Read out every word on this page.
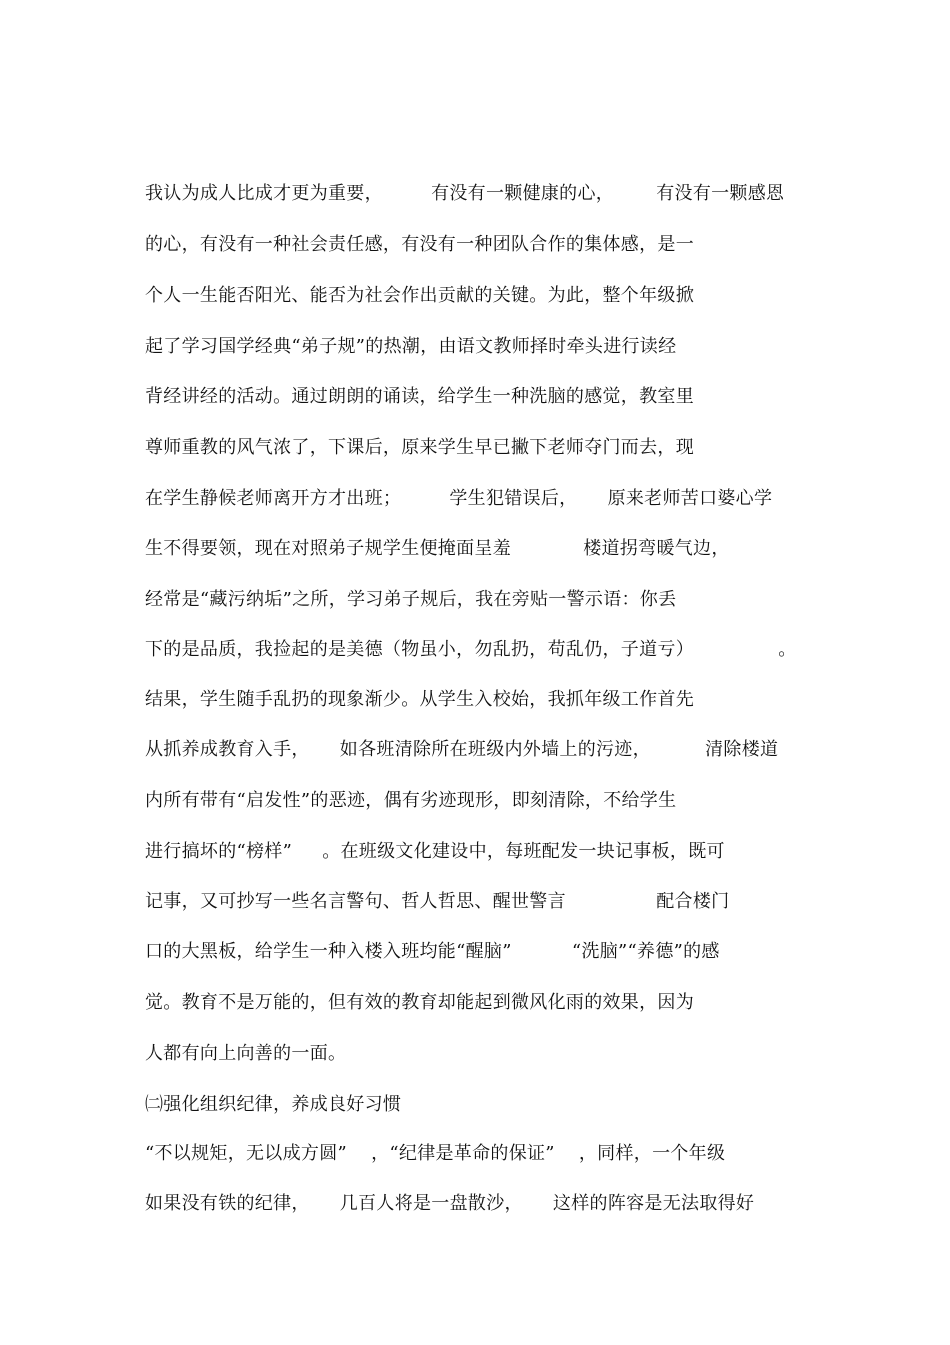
我认为成人比成才更为重要，        有没有一颗健康的心，       有没有一颗感恩
的心，有没有一种社会责任感，有没有一种团队合作的集体感，是一
个人一生能否阳光、能否为社会作出贡献的关键。为此，整个年级掀
起了学习国学经典“弟子规”的热潮，由语文教师择时牵头进行读经
背经讲经的活动。通过朗朗的诵读，给学生一种洗脑的感觉，教室里
尊师重教的风气浓了，下课后，原来学生早已撇下老师夺门而去，现
在学生静候老师离开方才出班；        学生犯错误后，     原来老师苦口婆心学
生不得要领，现在对照弟子规学生便掩面呈羞            楼道拐弯暖气边，
经常是“藏污纳垢”之所，学习弟子规后，我在旁贴一警示语：你丢
下的是品质，我捡起的是美德（物虽小，勿乱扔，苟乱仍，子道亏）              。
结果，学生随手乱扔的现象渐少。从学生入校始，我抓年级工作首先
从抓养成教育入手，     如各班清除所在班级内外墙上的污迹，         清除楼道
内所有带有“启发性”的恶迹，偶有劣迹现形，即刻清除，不给学生
进行搞坏的“榜样”     。在班级文化建设中，每班配发一块记事板，既可
记事，又可抄写一些名言警句、哲人哲思、醒世警言               配合楼门
口的大黑板，给学生一种入楼入班均能“醒脑”          “洗脑”“养德”的感
觉。教育不是万能的，但有效的教育却能起到微风化雨的效果，因为
人都有向上向善的一面。
㈡强化组织纪律，养成良好习惯
“不以规矩，无以成方圆”    ，“纪律是革命的保证”    ，同样，一个年级
如果没有铁的纪律，     几百人将是一盘散沙，     这样的阵容是无法取得好
